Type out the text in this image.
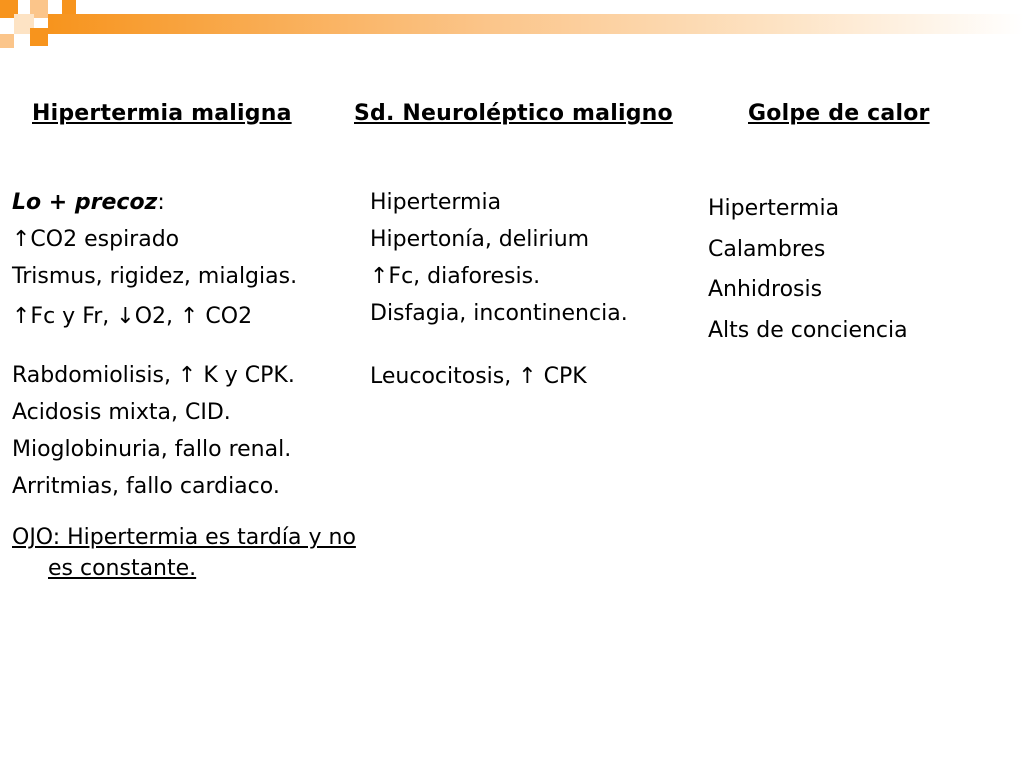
Hipertermia maligna	Sd. Neuroléptico maligno	Golpe de calor

Lo + precoz:

↑CO2 espirado

Trismus, rigidez, mialgias.

↑Fc y Fr, ↓O2, ↑ CO2

Rabdomiolisis, ↑ K y CPK.

Acidosis mixta, CID.

Mioglobinuria, fallo renal.

Arritmias, fallo cardiaco.

OJO: Hipertermia es tardía y no es constante.

Hipertermia

Hipertonía, delirium

↑Fc, diaforesis.

Disfagia, incontinencia.

Leucocitosis, ↑ CPK

Hipertermia

Calambres

Anhidrosis

Alts de conciencia
